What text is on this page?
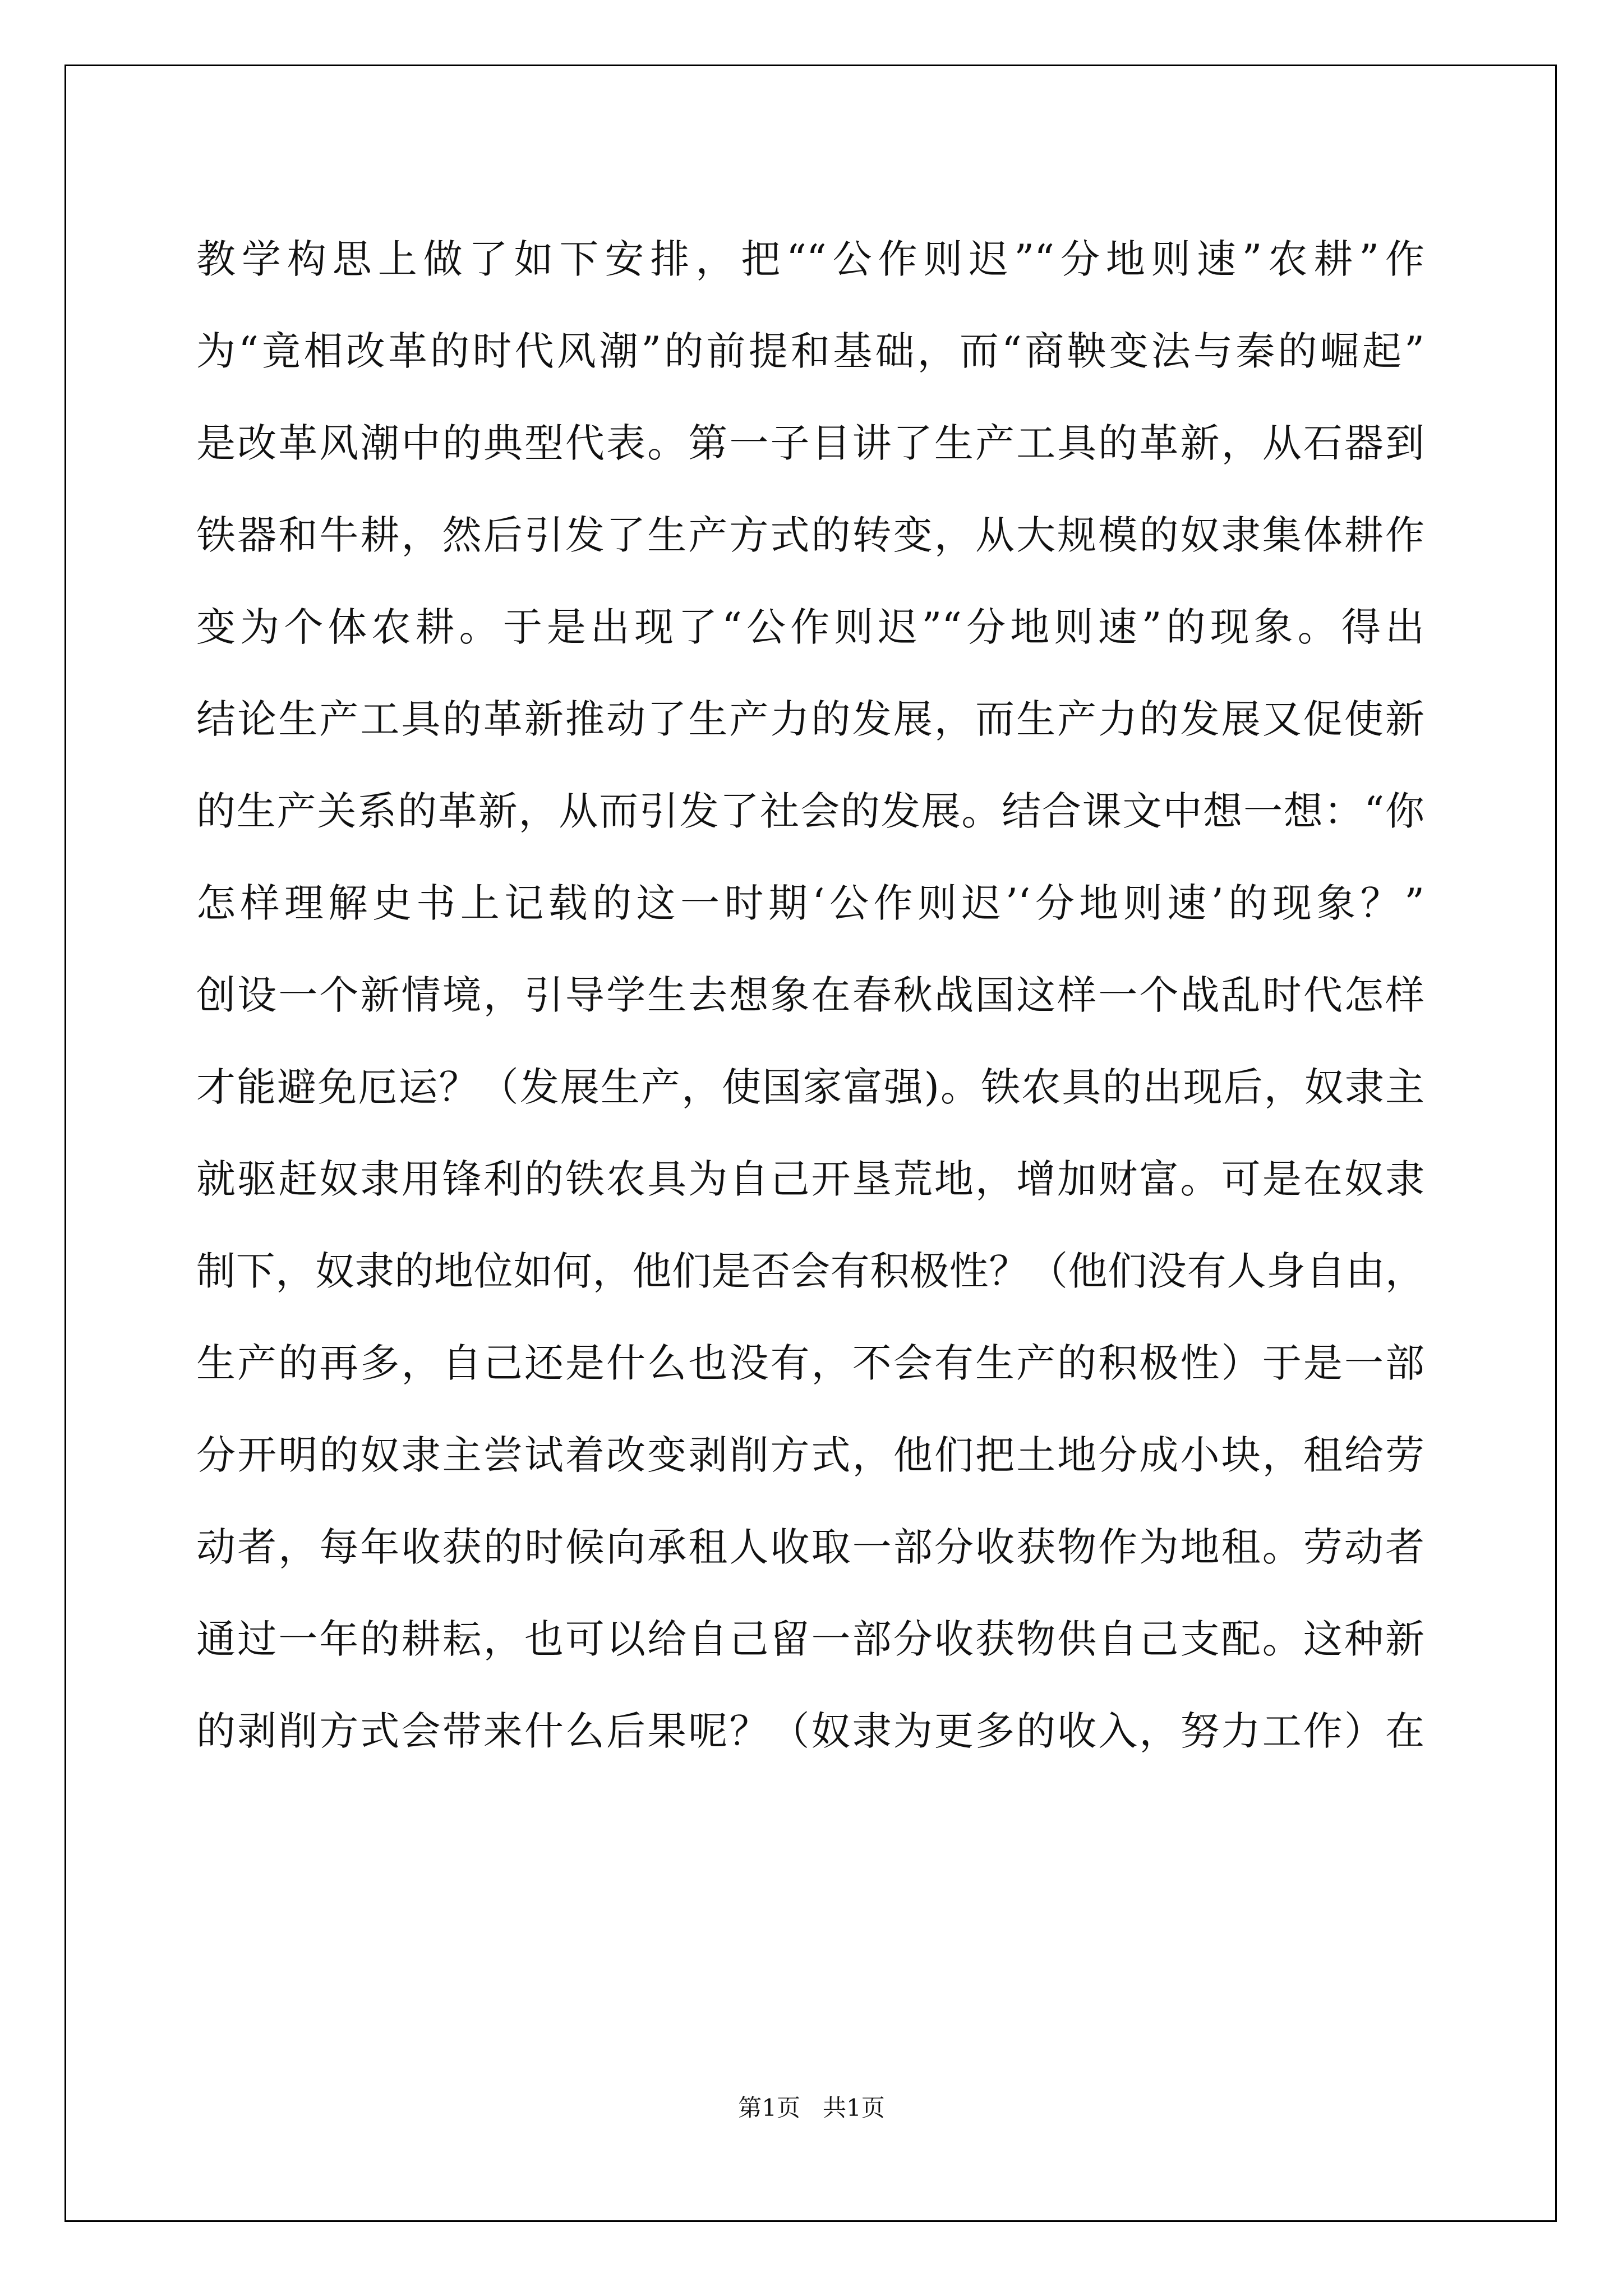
教学构思上做了如下安排，把““公作则迟”“分地则速”农耕”作
为“竟相改革的时代风潮”的前提和基础，而“商鞅变法与秦的崛起”
是改革风潮中的典型代表。第一子目讲了生产工具的革新，从石器到
铁器和牛耕，然后引发了生产方式的转变，从大规模的奴隶集体耕作
变为个体农耕。于是出现了“公作则迟”“分地则速”的现象。得出
结论生产工具的革新推动了生产力的发展，而生产力的发展又促使新
的生产关系的革新，从而引发了社会的发展。结合课文中想一想：“你
怎样理解史书上记载的这一时期‘公作则迟’‘分地则速’的现象？”
创设一个新情境，引导学生去想象在春秋战国这样一个战乱时代怎样
才能避免厄运？（发展生产，使国家富强)。铁农具的出现后，奴隶主
就驱赶奴隶用锋利的铁农具为自己开垦荒地，增加财富。可是在奴隶
制下，奴隶的地位如何，他们是否会有积极性？（他们没有人身自由，
生产的再多，自己还是什么也没有，不会有生产的积极性）于是一部
分开明的奴隶主尝试着改变剥削方式，他们把土地分成小块，租给劳
动者，每年收获的时候向承租人收取一部分收获物作为地租。劳动者
通过一年的耕耘，也可以给自己留一部分收获物供自己支配。这种新
的剥削方式会带来什么后果呢？（奴隶为更多的收入，努力工作）在
第1页   共1页
